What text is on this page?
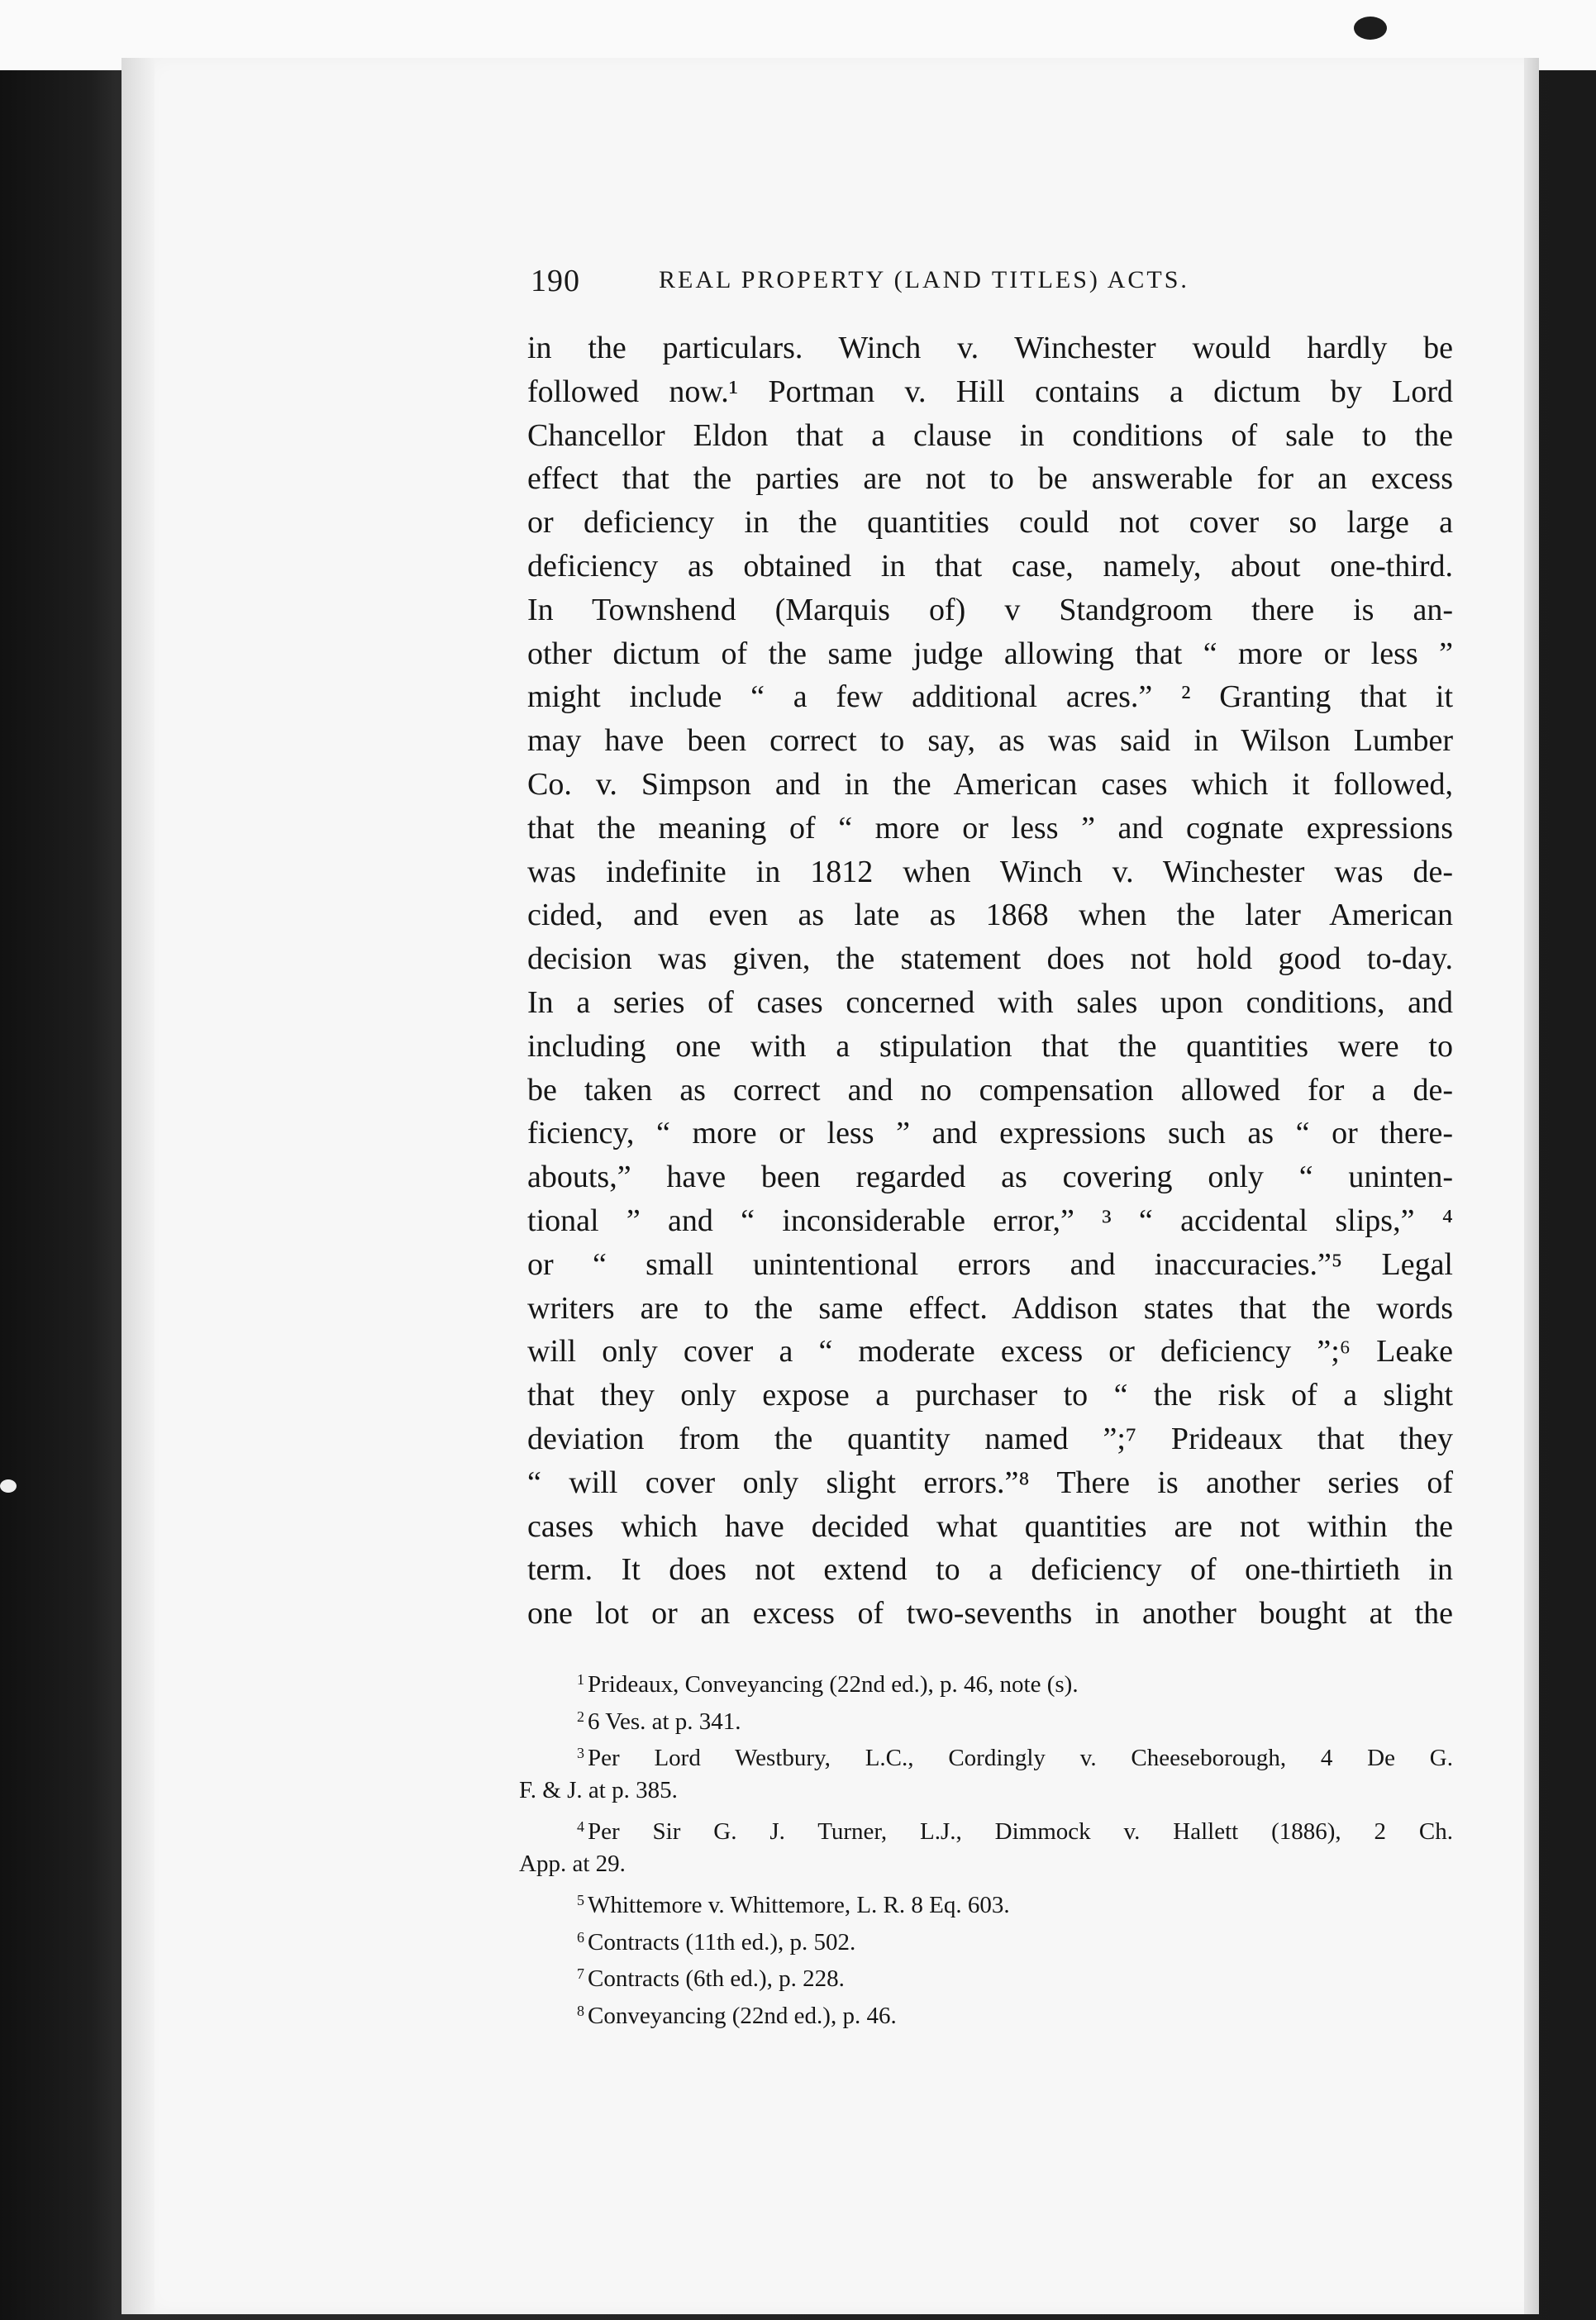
190	REAL PROPERTY (LAND TITLES) ACTS.
in the particulars. Winch v. Winchester would hardly be
followed now.¹ Portman v. Hill contains a dictum by Lord
Chancellor Eldon that a clause in conditions of sale to the
effect that the parties are not to be answerable for an excess
or deficiency in the quantities could not cover so large a
deficiency as obtained in that case, namely, about one-third.
In Townshend (Marquis of) v Standgroom there is an-
other dictum of the same judge allowing that “ more or less ”
might include “ a few additional acres.” ² Granting that it
may have been correct to say, as was said in Wilson Lumber
Co. v. Simpson and in the American cases which it followed,
that the meaning of “ more or less ” and cognate expressions
was indefinite in 1812 when Winch v. Winchester was de-
cided, and even as late as 1868 when the later American
decision was given, the statement does not hold good to-day.
In a series of cases concerned with sales upon conditions, and
including one with a stipulation that the quantities were to
be taken as correct and no compensation allowed for a de-
ficiency, “ more or less ” and expressions such as “ or there-
abouts,” have been regarded as covering only “ uninten-
tional ” and “ inconsiderable error,” ³ “ accidental slips,” ⁴
or “ small unintentional errors and inaccuracies.”⁵ Legal
writers are to the same effect. Addison states that the words
will only cover a “ moderate excess or deficiency ”;⁶ Leake
that they only expose a purchaser to “ the risk of a slight
deviation from the quantity named ”;⁷ Prideaux that they
“ will cover only slight errors.”⁸ There is another series of
cases which have decided what quantities are not within the
term. It does not extend to a deficiency of one-thirtieth in
one lot or an excess of two-sevenths in another bought at the
$^1$ Prideaux, Conveyancing (22nd ed.), p. 46, note (s).
$^2$ 6 Ves. at p. 341.
$^3$ Per Lord Westbury, L.C., Cordingly v. Cheeseborough, 4 De G.
F. & J. at p. 385.
$^4$ Per Sir G. J. Turner, L.J., Dimmock v. Hallett (1886), 2 Ch.
App. at 29.
$^5$ Whittemore v. Whittemore, L. R. 8 Eq. 603.
$^6$ Contracts (11th ed.), p. 502.
$^7$ Contracts (6th ed.), p. 228.
$^8$ Conveyancing (22nd ed.), p. 46.
